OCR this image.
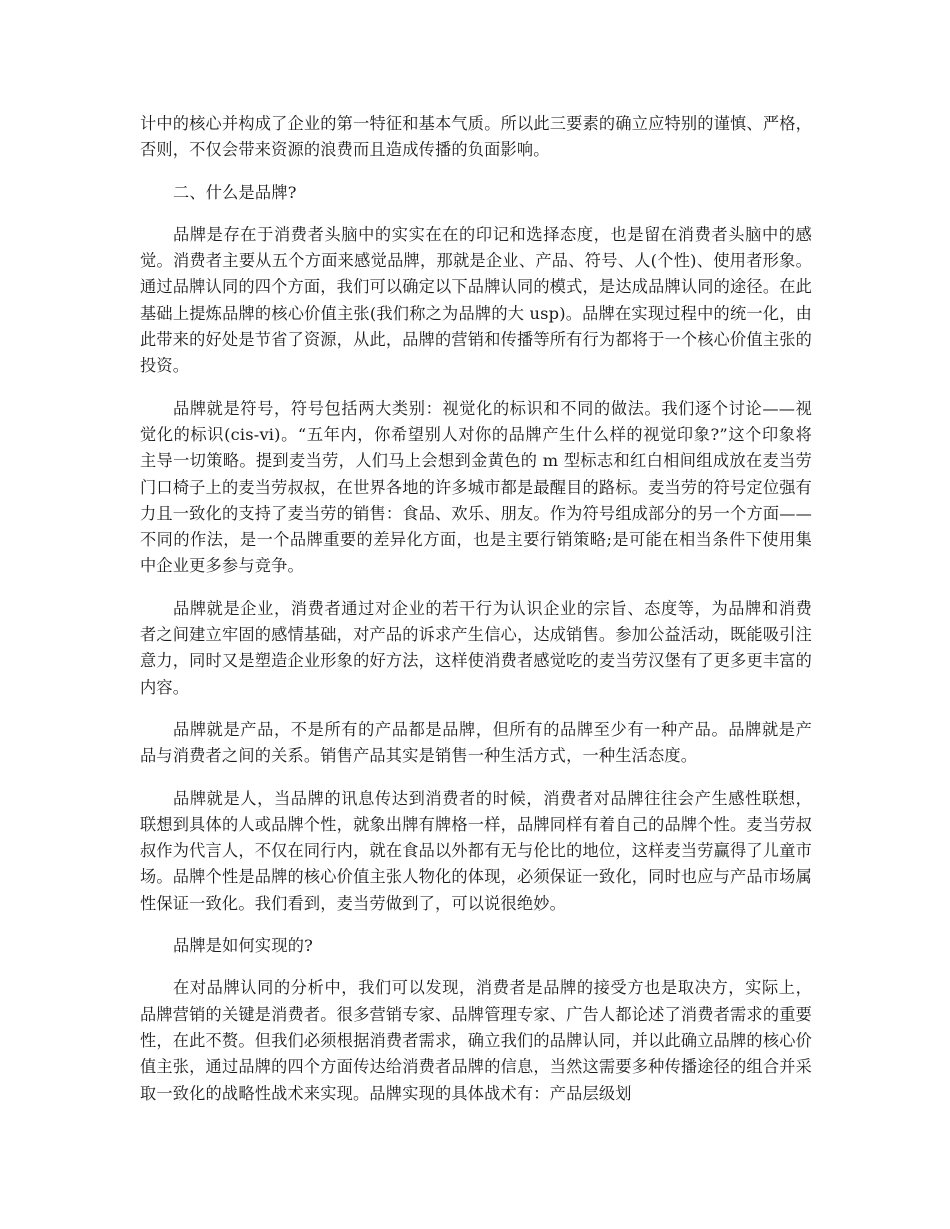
计中的核心并构成了企业的第一特征和基本气质。所以此三要素的确立应特别的谨慎、严格，否则，不仅会带来资源的浪费而且造成传播的负面影响。

二、什么是品牌?

品牌是存在于消费者头脑中的实实在在的印记和选择态度，也是留在消费者头脑中的感觉。消费者主要从五个方面来感觉品牌，那就是企业、产品、符号、人(个性)、使用者形象。通过品牌认同的四个方面，我们可以确定以下品牌认同的模式，是达成品牌认同的途径。在此基础上提炼品牌的核心价值主张(我们称之为品牌的大 usp)。品牌在实现过程中的统一化，由此带来的好处是节省了资源，从此，品牌的营销和传播等所有行为都将于一个核心价值主张的投资。

品牌就是符号，符号包括两大类别：视觉化的标识和不同的做法。我们逐个讨论——视觉化的标识(cis-vi)。“五年内，你希望别人对你的品牌产生什么样的视觉印象?”这个印象将主导一切策略。提到麦当劳，人们马上会想到金黄色的 m 型标志和红白相间组成放在麦当劳门口椅子上的麦当劳叔叔，在世界各地的许多城市都是最醒目的路标。麦当劳的符号定位强有力且一致化的支持了麦当劳的销售：食品、欢乐、朋友。作为符号组成部分的另一个方面——不同的作法，是一个品牌重要的差异化方面，也是主要行销策略;是可能在相当条件下使用集中企业更多参与竞争。

品牌就是企业，消费者通过对企业的若干行为认识企业的宗旨、态度等，为品牌和消费者之间建立牢固的感情基础，对产品的诉求产生信心，达成销售。参加公益活动，既能吸引注意力，同时又是塑造企业形象的好方法，这样使消费者感觉吃的麦当劳汉堡有了更多更丰富的内容。

品牌就是产品，不是所有的产品都是品牌，但所有的品牌至少有一种产品。品牌就是产品与消费者之间的关系。销售产品其实是销售一种生活方式，一种生活态度。

品牌就是人，当品牌的讯息传达到消费者的时候，消费者对品牌往往会产生感性联想，联想到具体的人或品牌个性，就象出牌有牌格一样，品牌同样有着自己的品牌个性。麦当劳叔叔作为代言人，不仅在同行内，就在食品以外都有无与伦比的地位，这样麦当劳赢得了儿童市场。品牌个性是品牌的核心价值主张人物化的体现，必须保证一致化，同时也应与产品市场属性保证一致化。我们看到，麦当劳做到了，可以说很绝妙。

品牌是如何实现的?

在对品牌认同的分析中，我们可以发现，消费者是品牌的接受方也是取决方，实际上，品牌营销的关键是消费者。很多营销专家、品牌管理专家、广告人都论述了消费者需求的重要性，在此不赘。但我们必须根据消费者需求，确立我们的品牌认同，并以此确立品牌的核心价值主张，通过品牌的四个方面传达给消费者品牌的信息，当然这需要多种传播途径的组合并采取一致化的战略性战术来实现。品牌实现的具体战术有：产品层级划
